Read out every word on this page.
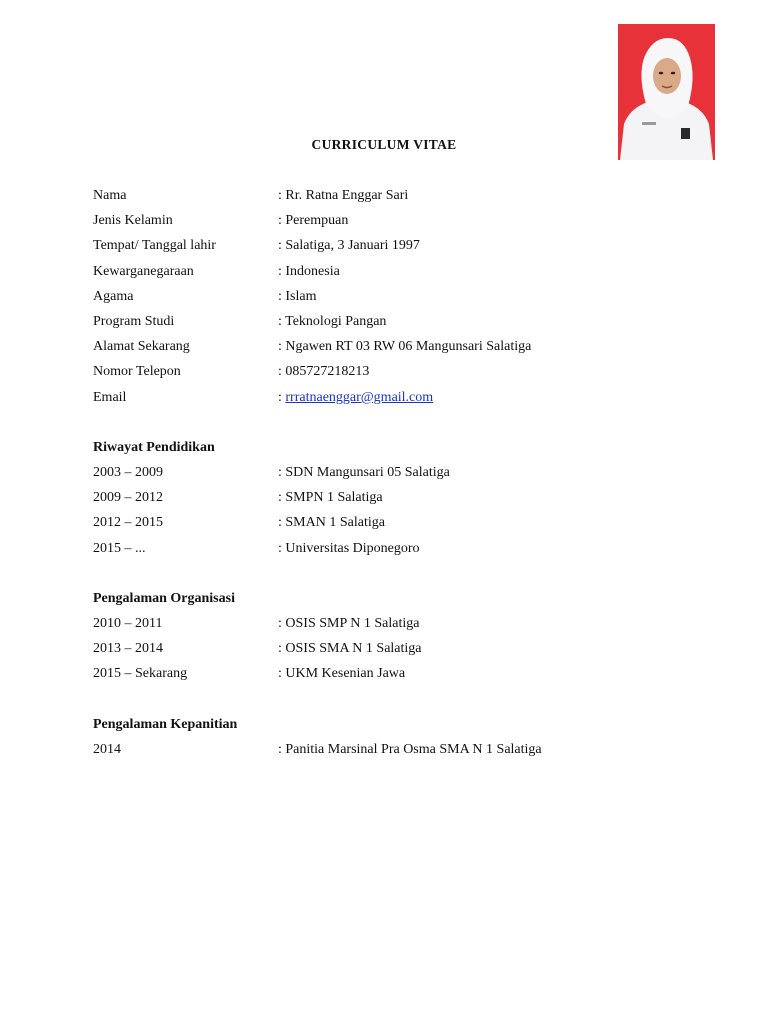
CURRICULUM VITAE
Nama	: Rr. Ratna Enggar Sari
Jenis Kelamin	: Perempuan
Tempat/ Tanggal lahir	: Salatiga, 3 Januari 1997
Kewarganegaraan	: Indonesia
Agama	: Islam
Program Studi	: Teknologi Pangan
Alamat Sekarang	: Ngawen RT 03 RW 06 Mangunsari Salatiga
Nomor Telepon	: 085727218213
Email	: rrratnaenggar@gmail.com
Riwayat Pendidikan
2003 – 2009	: SDN Mangunsari 05 Salatiga
2009 – 2012	: SMPN 1 Salatiga
2012 – 2015	: SMAN 1 Salatiga
2015 – ...	: Universitas Diponegoro
Pengalaman Organisasi
2010 – 2011	: OSIS SMP N 1 Salatiga
2013 – 2014	: OSIS SMA N 1 Salatiga
2015 – Sekarang	: UKM Kesenian Jawa
Pengalaman Kepanitian
2014	: Panitia Marsinal Pra Osma SMA N 1 Salatiga
